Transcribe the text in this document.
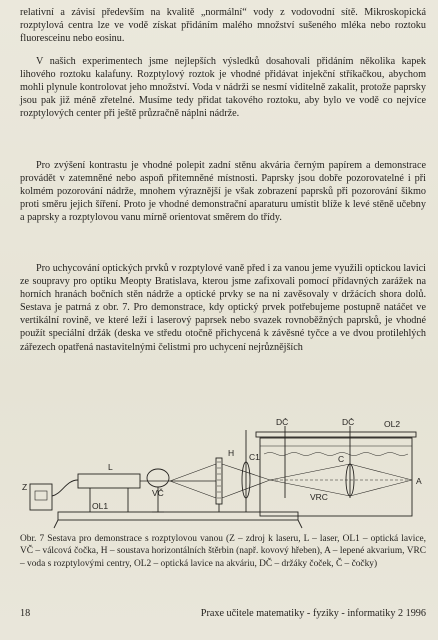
relativní a závisí především na kvalitě „normální“ vody z vodovodní sítě. Mikroskopická rozptylová centra lze ve vodě získat přidáním malého množství sušeného mléka nebo roztoku fluoresceinu nebo eosinu.

V našich experimentech jsme nejlepších výsledků dosahovali přidáním několika kapek lihového roztoku kalafuny. Rozptylový roztok je vhodné přidávat injekční stříkačkou, abychom mohli plynule kontrolovat jeho množství. Voda v nádrži se nesmí viditelně zakalit, protože paprsky jsou pak již méně zřetelné. Musíme tedy přidat takového roztoku, aby bylo ve vodě co nejvíce rozptylových center při ještě průzračně náplni nádrže.

Pro zvýšení kontrastu je vhodné polepit zadní stěnu akvária černým papírem a demonstrace provádět v zatemněné nebo aspoň přitemněné místnosti. Paprsky jsou dobře pozorovatelné i při kolmém pozorování nádrže, mnohem výraznější je však zobrazení paprsků při pozorování šikmo proti směru jejich šíření. Proto je vhodné demonstrační aparaturu umístit blíže k levé stěně učebny a paprsky a rozptylovou vanu mírně orientovat směrem do třídy.

Pro uchycování optických prvků v rozptylové vaně před i za vanou jeme využili optickou lavici ze soupravy pro optiku Meopty Bratislava, kterou jsme zafixovali pomocí přídavných zarážek na horních hranách bočních stěn nádrže a optické prvky se na ni zavěsovaly v držácích shora dolů. Sestava je patrná z obr. 7. Pro demonstrace, kdy optický prvek potřebujeme postupně natáčet ve vertikální rovině, ve které leží i laserový paprsek nebo svazek rovnoběžných paprsků, je vhodné použít speciální držák (deska ve středu otočně přichycená k závěsné tyčce a ve dvou protilehlých zářezech opatřená nastavitelnými čelistmi pro uchycení nejrůznějších

Z
L
OL1
VČ
H C1
DČ	DČ	OL2
C
A
VRC
Obr. 7 Sestava pro demonstrace s rozptylovou vanou (Z – zdroj k laseru, L – laser, OL1 – optická lavice, VČ – válcová čočka, H – soustava horizontálních štěrbin (např. kovový hřeben), A – lepené akvarium, VRC – voda s rozptylovými centry, OL2 – optická lavice na akváriu, DČ – držáky čoček, Č – čočky)
18	Praxe učitele matematiky - fyziky - informatiky 2 1996
